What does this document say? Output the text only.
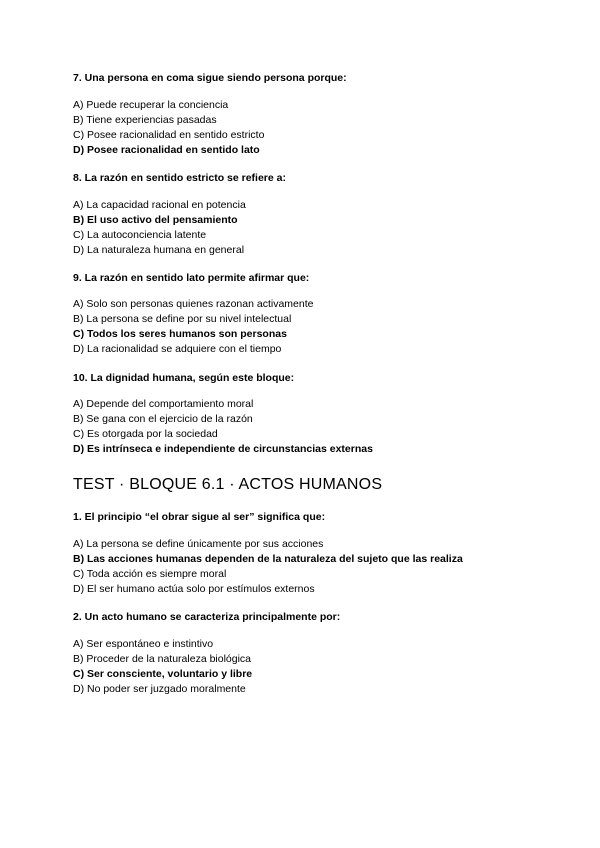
7. Una persona en coma sigue siendo persona porque:
A) Puede recuperar la conciencia
B) Tiene experiencias pasadas
C) Posee racionalidad en sentido estricto
D) Posee racionalidad en sentido lato
8. La razón en sentido estricto se refiere a:
A) La capacidad racional en potencia
B) El uso activo del pensamiento
C) La autoconciencia latente
D) La naturaleza humana en general
9. La razón en sentido lato permite afirmar que:
A) Solo son personas quienes razonan activamente
B) La persona se define por su nivel intelectual
C) Todos los seres humanos son personas
D) La racionalidad se adquiere con el tiempo
10. La dignidad humana, según este bloque:
A) Depende del comportamiento moral
B) Se gana con el ejercicio de la razón
C) Es otorgada por la sociedad
D) Es intrínseca e independiente de circunstancias externas
TEST · BLOQUE 6.1 · ACTOS HUMANOS
1. El principio “el obrar sigue al ser” significa que:
A) La persona se define únicamente por sus acciones
B) Las acciones humanas dependen de la naturaleza del sujeto que las realiza
C) Toda acción es siempre moral
D) El ser humano actúa solo por estímulos externos
2. Un acto humano se caracteriza principalmente por:
A) Ser espontáneo e instintivo
B) Proceder de la naturaleza biológica
C) Ser consciente, voluntario y libre
D) No poder ser juzgado moralmente
